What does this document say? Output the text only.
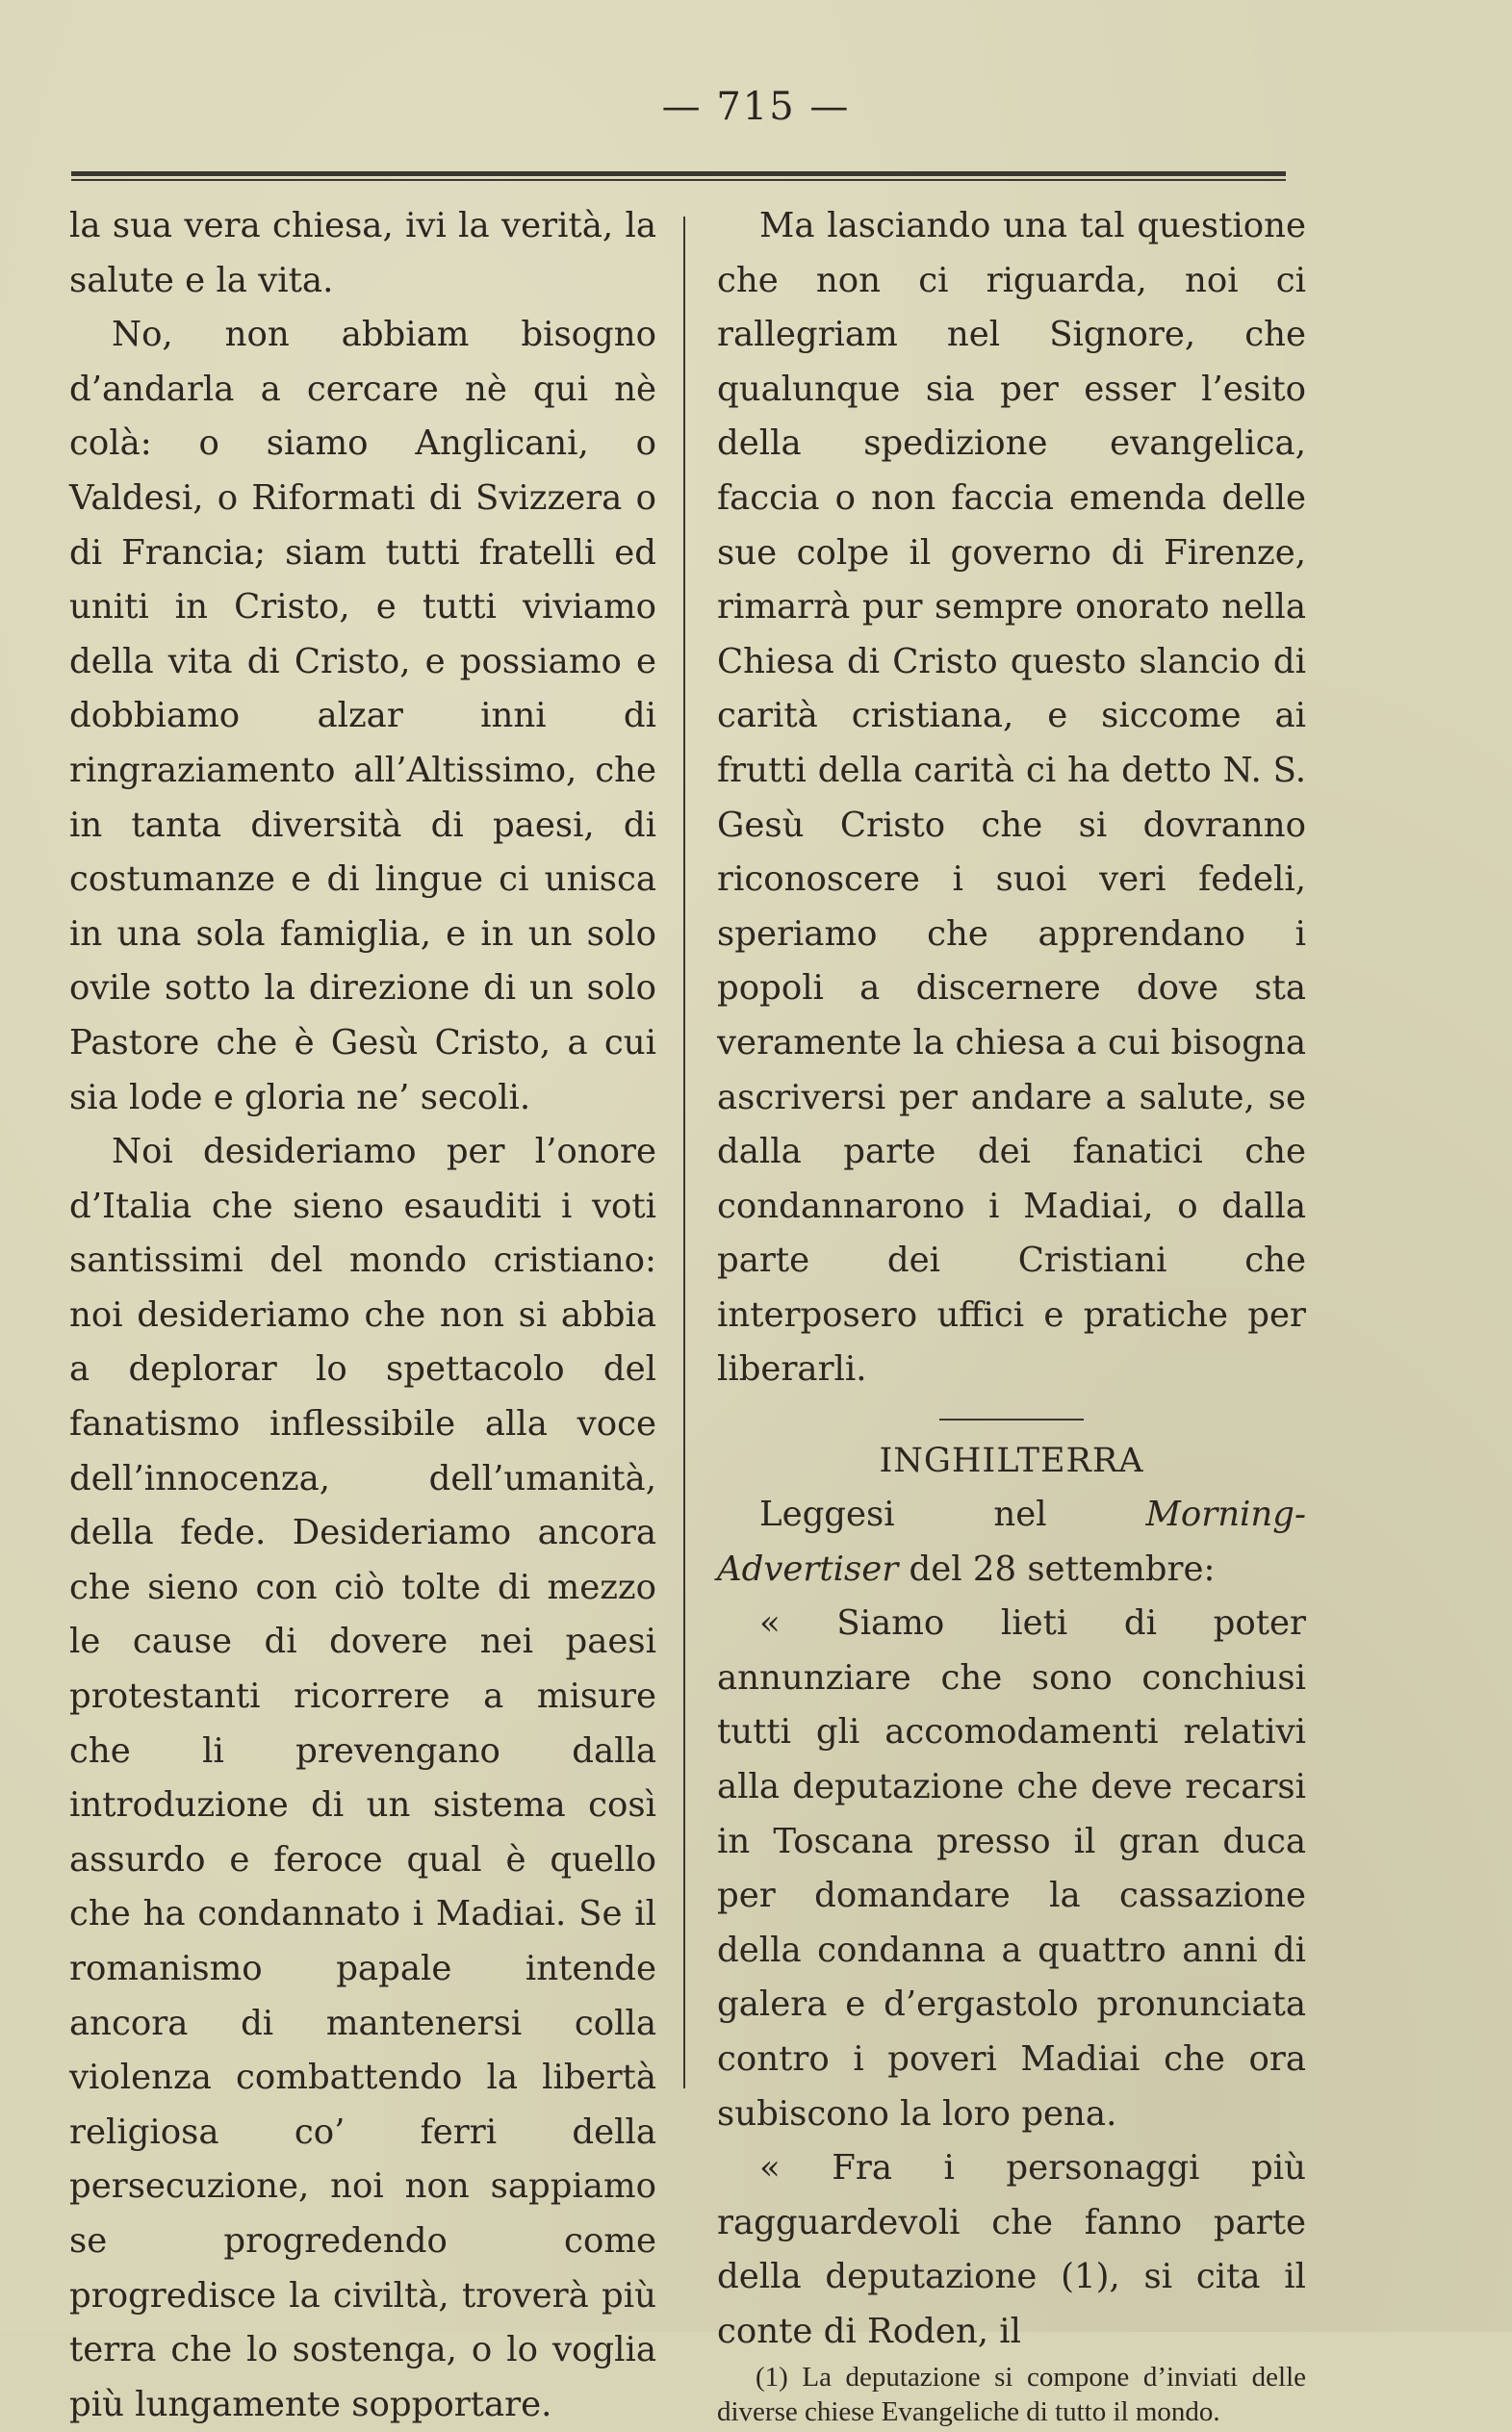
— 715 —

la sua vera chiesa, ivi la verità, la salute e la vita.

No, non abbiam bisogno d’andarla a cercare nè qui nè colà: o siamo Anglicani, o Valdesi, o Riformati di Svizzera o di Francia; siam tutti fratelli ed uniti in Cristo, e tutti viviamo della vita di Cristo, e possiamo e dobbiamo alzar inni di ringraziamento all’Altissimo, che in tanta diversità di paesi, di costumanze e di lingue ci unisca in una sola famiglia, e in un solo ovile sotto la direzione di un solo Pastore che è Gesù Cristo, a cui sia lode e gloria ne’ secoli.

Noi desideriamo per l’onore d’Italia che sieno esauditi i voti santissimi del mondo cristiano: noi desideriamo che non si abbia a deplorar lo spettacolo del fanatismo inflessibile alla voce dell’innocenza, dell’umanità, della fede. Desideriamo ancora che sieno con ciò tolte di mezzo le cause di dovere nei paesi protestanti ricorrere a misure che li prevengano dalla introduzione di un sistema così assurdo e feroce qual è quello che ha condannato i Madiai. Se il romanismo papale intende ancora di mantenersi colla violenza combattendo la libertà religiosa co’ ferri della persecuzione, noi non sappiamo se progredendo come progredisce la civiltà, troverà più terra che lo sostenga, o lo voglia più lungamente sopportare.

Ma lasciando una tal questione che non ci riguarda, noi ci rallegriam nel Signore, che qualunque sia per esser l’esito della spedizione evangelica, faccia o non faccia emenda delle sue colpe il governo di Firenze, rimarrà pur sempre onorato nella Chiesa di Cristo questo slancio di carità cristiana, e siccome ai frutti della carità ci ha detto N. S. Gesù Cristo che si dovranno riconoscere i suoi veri fedeli, speriamo che apprendano i popoli a discernere dove sta veramente la chiesa a cui bisogna ascriversi per andare a salute, se dalla parte dei fanatici che condannarono i Madiai, o dalla parte dei Cristiani che interposero uffici e pratiche per liberarli.

INGHILTERRA

Leggesi nel	Morning-Advertiser del 28 settembre:

« Siamo lieti di poter annunziare che sono conchiusi tutti gli accomodamenti relativi alla deputazione che deve recarsi in Toscana presso il gran duca per domandare la cassazione della condanna a quattro anni di galera e d’ergastolo pronunciata contro i poveri Madiai che ora subiscono la loro pena.

« Fra i personaggi più ragguardevoli che fanno parte della deputazione (1), si cita il conte di Roden, il

(1) La deputazione si compone d’inviati delle diverse chiese Evangeliche di tutto il mondo.
